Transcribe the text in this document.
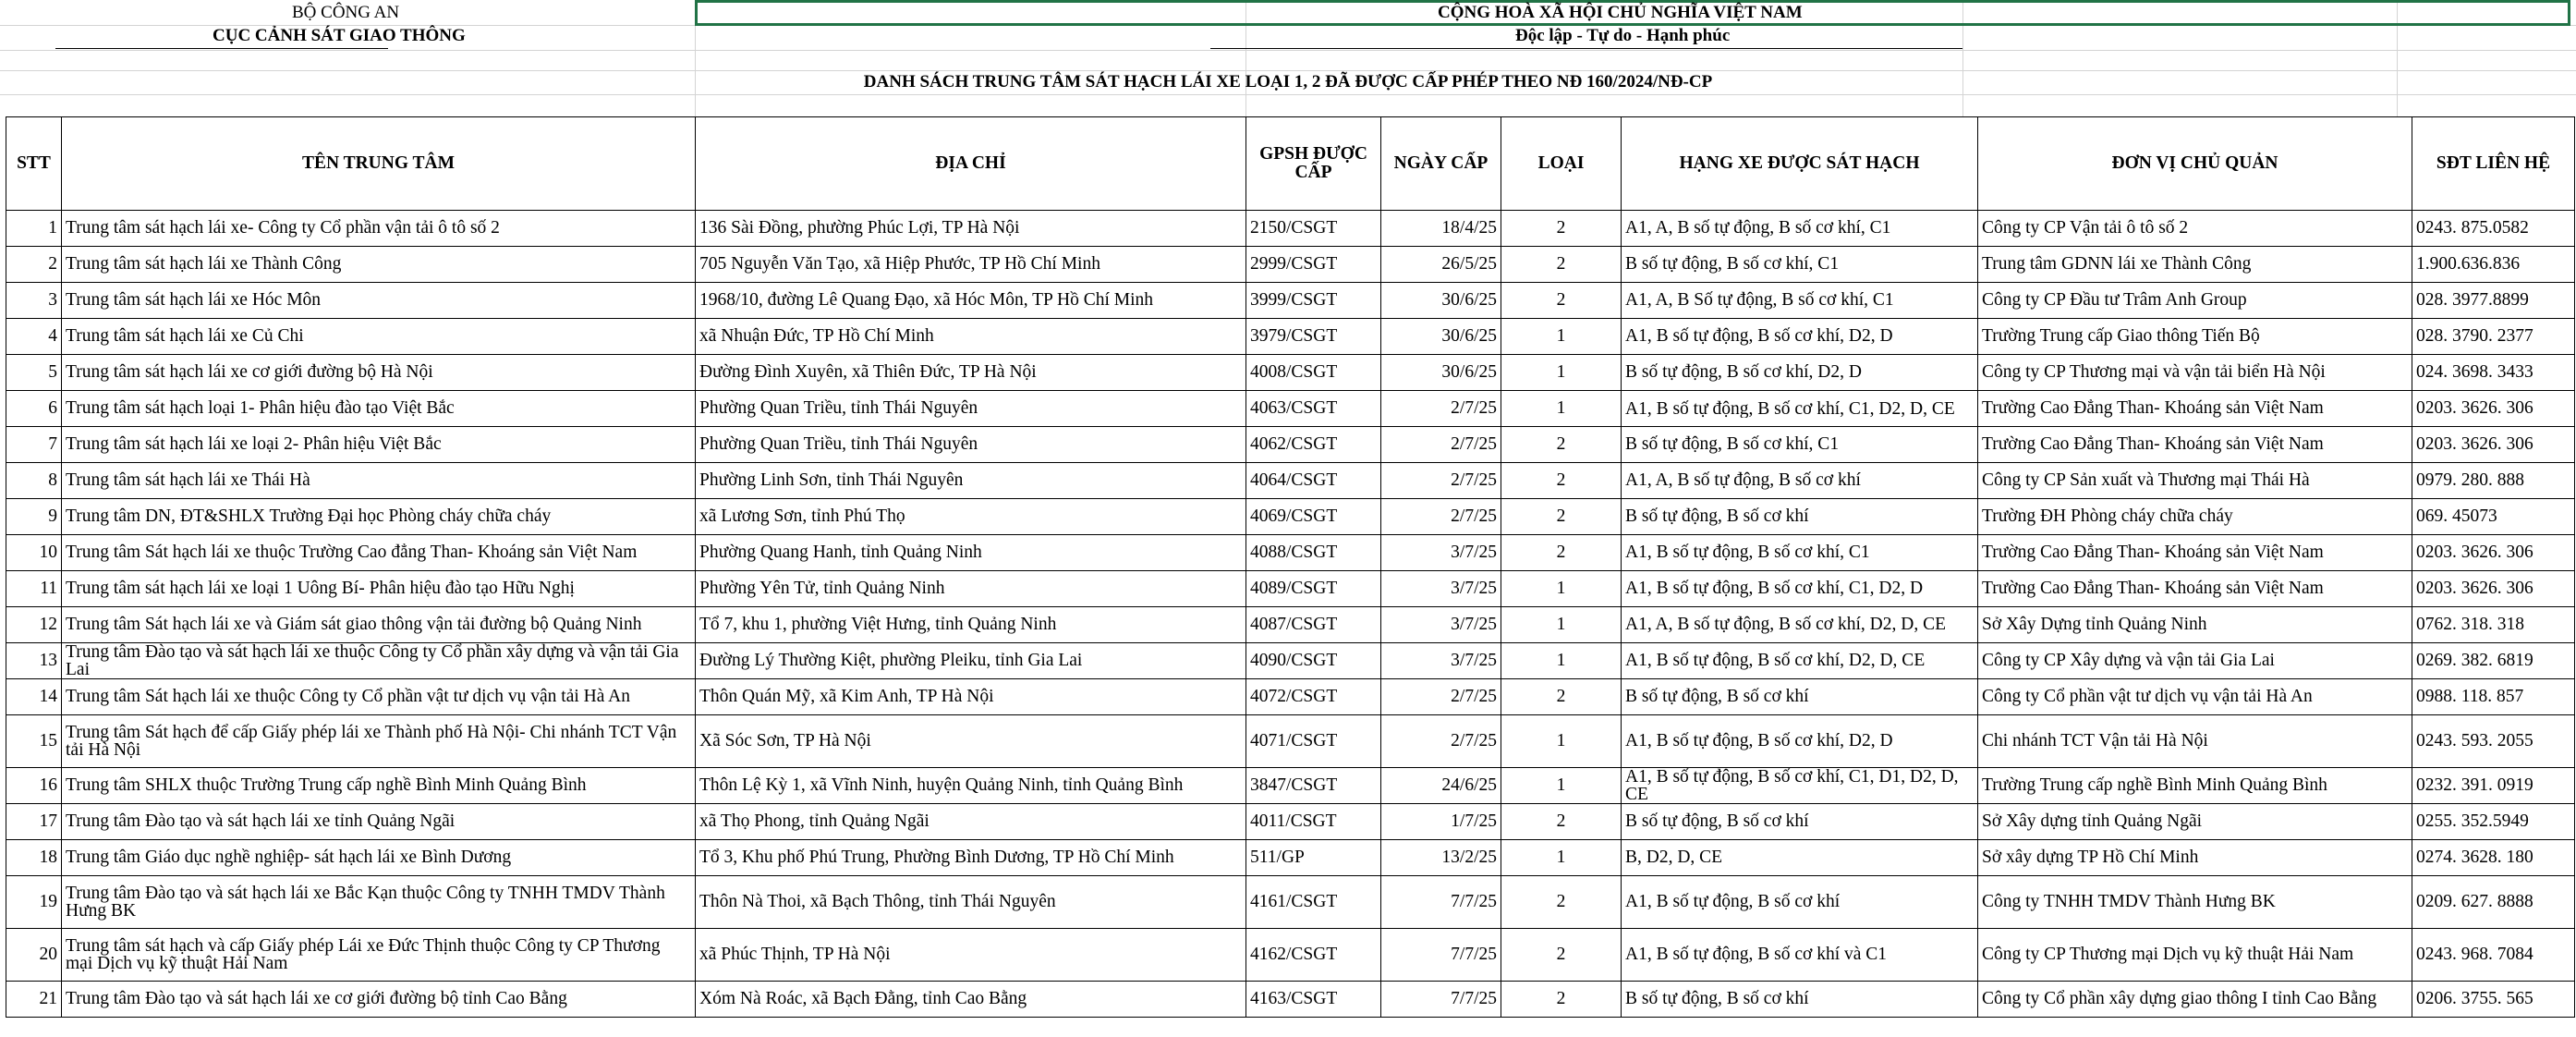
BỘ CÔNG AN
CỤC CẢNH SÁT GIAO THÔNG
CỘNG HOÀ XÃ HỘI CHỦ NGHĨA VIỆT NAM
Độc lập - Tự do - Hạnh phúc
DANH SÁCH TRUNG TÂM SÁT HẠCH LÁI XE LOẠI 1, 2 ĐÃ ĐƯỢC CẤP PHÉP THEO NĐ 160/2024/NĐ-CP
STT	TÊN TRUNG TÂM	ĐỊA CHỈ	GPSH ĐƯỢC CẤP	NGÀY CẤP	LOẠI	HẠNG XE ĐƯỢC SÁT HẠCH	ĐƠN VỊ CHỦ QUẢN	SĐT LIÊN HỆ
1	Trung tâm sát hạch lái xe- Công ty Cổ phần vận tải ô tô số 2	136 Sài Đồng, phường Phúc Lợi, TP Hà Nội	2150/CSGT	18/4/25	2	A1, A, B số tự động, B số cơ khí, C1	Công ty CP Vận tải ô tô số 2	0243. 875.0582
2	Trung tâm sát hạch lái xe Thành Công	705 Nguyễn Văn Tạo, xã Hiệp Phước, TP Hồ Chí Minh	2999/CSGT	26/5/25	2	B số tự động, B số cơ khí, C1	Trung tâm GDNN lái xe Thành Công	1.900.636.836
3	Trung tâm sát hạch lái xe Hóc Môn	1968/10, đường Lê Quang Đạo, xã Hóc Môn, TP Hồ Chí Minh	3999/CSGT	30/6/25	2	A1, A, B Số tự động, B số cơ khí, C1	Công ty CP Đầu tư Trâm Anh Group	028. 3977.8899
4	Trung tâm sát hạch lái xe Củ Chi	xã Nhuận Đức, TP Hồ Chí Minh	3979/CSGT	30/6/25	1	A1, B số tự động, B số cơ khí, D2, D	Trường Trung cấp Giao thông Tiến Bộ	028. 3790. 2377
5	Trung tâm sát hạch lái xe cơ giới đường bộ Hà Nội	Đường Đình Xuyên, xã Thiên Đức, TP Hà Nội	4008/CSGT	30/6/25	1	B số tự động, B số cơ khí, D2, D	Công ty CP Thương mại và vận tải biển Hà Nội	024. 3698. 3433
6	Trung tâm sát hạch loại 1- Phân hiệu đào tạo Việt Bắc	Phường Quan Triều, tỉnh Thái Nguyên	4063/CSGT	2/7/25	1	A1, B số tự động, B số cơ khí, C1, D2, D, CE	Trường Cao Đẳng Than- Khoáng sản Việt Nam	0203. 3626. 306
7	Trung tâm sát hạch lái xe loại 2- Phân hiệu Việt Bắc	Phường Quan Triều, tỉnh Thái Nguyên	4062/CSGT	2/7/25	2	B số tự động, B số cơ khí, C1	Trường Cao Đẳng Than- Khoáng sản Việt Nam	0203. 3626. 306
8	Trung tâm sát hạch lái xe Thái Hà	Phường Linh Sơn, tỉnh Thái Nguyên	4064/CSGT	2/7/25	2	A1, A, B số tự động, B số cơ khí	Công ty CP Sản xuất và Thương mại Thái Hà	0979. 280. 888
9	Trung tâm DN, ĐT&SHLX Trường Đại học Phòng cháy chữa cháy	xã Lương Sơn, tỉnh Phú Thọ	4069/CSGT	2/7/25	2	B số tự động, B số cơ khí	Trường ĐH Phòng cháy chữa cháy	069. 45073
10	Trung tâm Sát hạch lái xe thuộc Trường Cao đẳng Than- Khoáng sản Việt Nam	Phường Quang Hanh, tỉnh Quảng Ninh	4088/CSGT	3/7/25	2	A1, B số tự động, B số cơ khí, C1	Trường Cao Đẳng Than- Khoáng sản Việt Nam	0203. 3626. 306
11	Trung tâm sát hạch lái xe loại 1 Uông Bí- Phân hiệu đào tạo Hữu Nghị	Phường Yên Tử, tỉnh Quảng Ninh	4089/CSGT	3/7/25	1	A1, B số tự động, B số cơ khí, C1, D2, D	Trường Cao Đẳng Than- Khoáng sản Việt Nam	0203. 3626. 306
12	Trung tâm Sát hạch lái xe và Giám sát giao thông vận tải đường bộ Quảng Ninh	Tổ 7, khu 1, phường Việt Hưng, tỉnh Quảng Ninh	4087/CSGT	3/7/25	1	A1, A, B số tự động, B số cơ khí, D2, D, CE	Sở Xây Dựng tỉnh Quảng Ninh	0762. 318. 318
13	Trung tâm Đào tạo và sát hạch lái xe thuộc Công ty Cổ phần xây dựng và vận tải Gia Lai	Đường Lý Thường Kiệt, phường Pleiku, tỉnh Gia Lai	4090/CSGT	3/7/25	1	A1, B số tự động, B số cơ khí, D2, D, CE	Công ty CP Xây dựng và vận tải Gia Lai	0269. 382. 6819
14	Trung tâm Sát hạch lái xe thuộc Công ty Cổ phần vật tư dịch vụ vận tải Hà An	Thôn Quán Mỹ, xã Kim Anh, TP Hà Nội	4072/CSGT	2/7/25	2	B số tự động, B số cơ khí	Công ty Cổ phần vật tư dịch vụ vận tải Hà An	0988. 118. 857
15	Trung tâm Sát hạch để cấp Giấy phép lái xe Thành phố Hà Nội- Chi nhánh TCT Vận tải Hà Nội	Xã Sóc Sơn, TP Hà Nội	4071/CSGT	2/7/25	1	A1, B số tự động, B số cơ khí, D2, D	Chi nhánh TCT Vận tải Hà Nội	0243. 593. 2055
16	Trung tâm SHLX thuộc Trường Trung cấp nghề Bình Minh Quảng Bình	Thôn Lệ Kỳ 1, xã Vĩnh Ninh, huyện Quảng Ninh, tỉnh Quảng Bình	3847/CSGT	24/6/25	1	A1, B số tự động, B số cơ khí, C1, D1, D2, D, CE	Trường Trung cấp nghề Bình Minh Quảng Bình	0232. 391. 0919
17	Trung tâm Đào tạo và sát hạch lái xe tỉnh Quảng Ngãi	xã Thọ Phong, tỉnh Quảng Ngãi	4011/CSGT	1/7/25	2	B số tự động, B số cơ khí	Sở Xây dựng tỉnh Quảng Ngãi	0255. 352.5949
18	Trung tâm Giáo dục nghề nghiệp- sát hạch lái xe Bình Dương	Tổ 3, Khu phố Phú Trung, Phường Bình Dương, TP Hồ Chí Minh	511/GP	13/2/25	1	B, D2, D, CE	Sở xây dựng TP Hồ Chí Minh	0274. 3628. 180
19	Trung tâm Đào tạo và sát hạch lái xe Bắc Kạn thuộc Công ty TNHH TMDV Thành Hưng BK	Thôn Nà Thoi, xã Bạch Thông, tỉnh Thái Nguyên	4161/CSGT	7/7/25	2	A1, B số tự động, B số cơ khí	Công ty TNHH TMDV Thành Hưng BK	0209. 627. 8888
20	Trung tâm sát hạch và cấp Giấy phép Lái xe Đức Thịnh thuộc Công ty CP Thương mại Dịch vụ kỹ thuật Hải Nam	xã Phúc Thịnh, TP Hà Nội	4162/CSGT	7/7/25	2	A1, B số tự động, B số cơ khí và C1	Công ty CP Thương mại Dịch vụ kỹ thuật Hải Nam	0243. 968. 7084
21	Trung tâm Đào tạo và sát hạch lái xe cơ giới đường bộ tỉnh Cao Bằng	Xóm Nà Roác, xã Bạch Đằng, tỉnh Cao Bằng	4163/CSGT	7/7/25	2	B số tự động, B số cơ khí	Công ty Cổ phần xây dựng giao thông I tỉnh Cao Bằng	0206. 3755. 565
